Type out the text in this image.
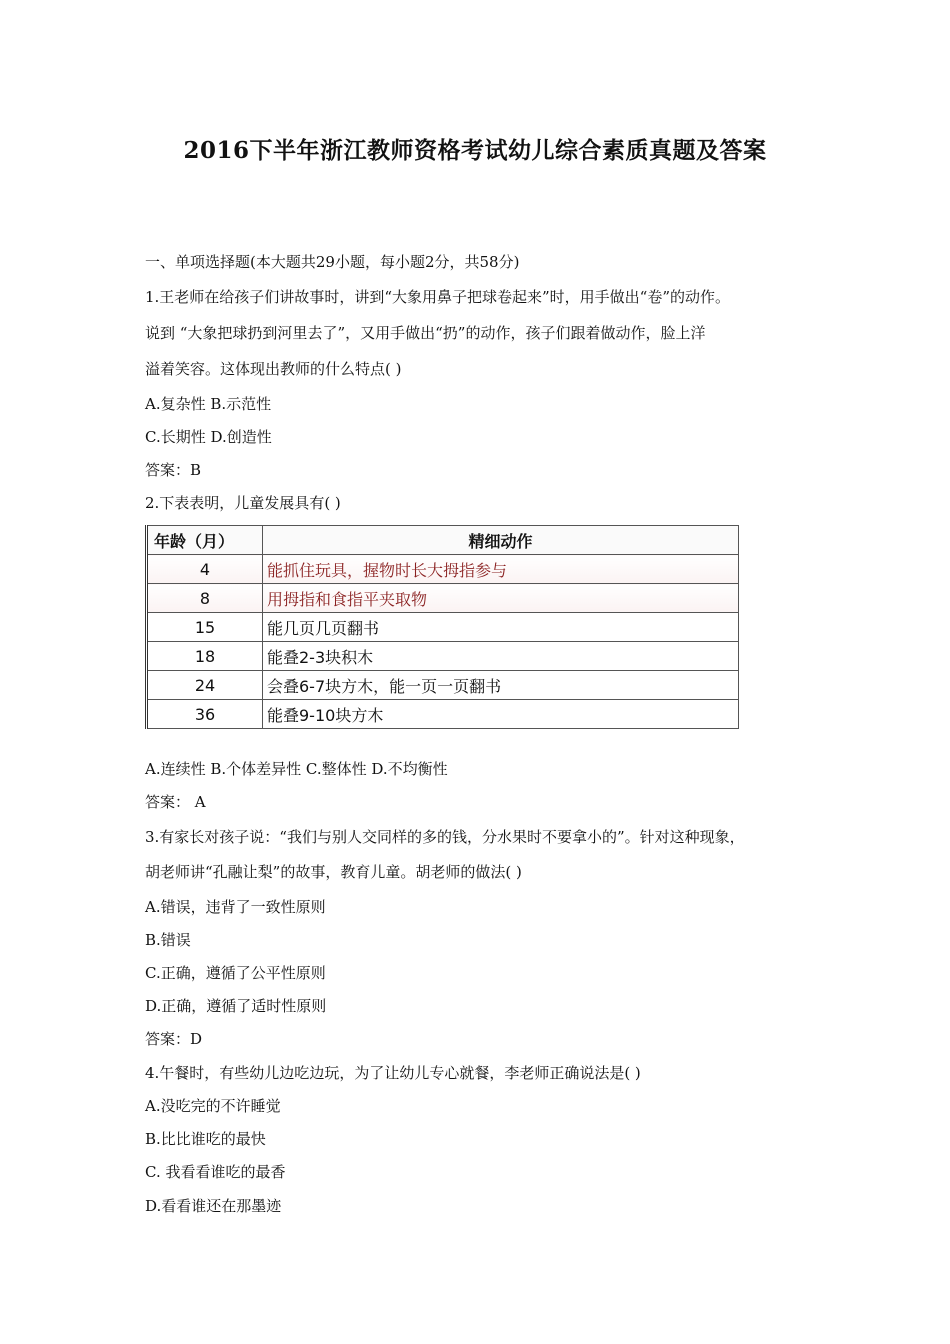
2016下半年浙江教师资格考试幼儿综合素质真题及答案
一、单项选择题(本大题共29小题，每小题2分，共58分)
1.王老师在给孩子们讲故事时，讲到“大象用鼻子把球卷起来”时，用手做出“卷”的动作。
说到 “大象把球扔到河里去了”，又用手做出“扔”的动作，孩子们跟着做动作，脸上洋
溢着笑容。这体现出教师的什么特点( )
A.复杂性 B.示范性
C.长期性 D.创造性
答案：B
2.下表表明，儿童发展具有( )
年龄（月）	精细动作
4	能抓住玩具，握物时长大拇指参与
8	用拇指和食指平夹取物
15	能几页几页翻书
18	能叠2-3块积木
24	会叠6-7块方木，能一页一页翻书
36	能叠9-10块方木
A.连续性 B.个体差异性 C.整体性 D.不均衡性
答案： A
3.有家长对孩子说：“我们与别人交同样的多的钱，分水果时不要拿小的”。针对这种现象，
胡老师讲“孔融让梨”的故事，教育儿童。胡老师的做法( )
A.错误，违背了一致性原则
B.错误
C.正确，遵循了公平性原则
D.正确，遵循了适时性原则
答案：D
4.午餐时，有些幼儿边吃边玩，为了让幼儿专心就餐，李老师正确说法是( )
A.没吃完的不许睡觉
B.比比谁吃的最快
C. 我看看谁吃的最香
D.看看谁还在那墨迹
